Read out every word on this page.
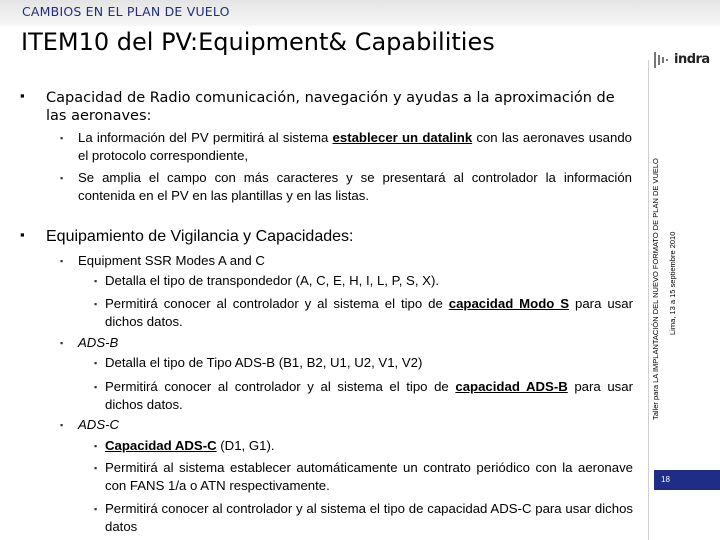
CAMBIOS EN EL PLAN DE VUELO
ITEM10 del PV:Equipment& Capabilities
indra
Taller para LA IMPLANTACIÓN DEL NUEVO FORMATO DE PLAN DE VUELO Lima, 13 a 15 septiembre 2010
18
▪ Capacidad de Radio comunicación, navegación y ayudas a la aproximación de las aeronaves:
▪ La información del PV permitirá al sistema establecer un datalink con las aeronaves usando el protocolo correspondiente,
▪ Se amplia el campo con más caracteres y se presentará al controlador la información contenida en el PV en las plantillas y en las listas.
▪ Equipamiento de Vigilancia y Capacidades:
▪ Equipment SSR Modes A and C
▪ Detalla el tipo de transpondedor (A, C, E, H, I, L, P, S, X).
▪ Permitirá conocer al controlador y al sistema el tipo de capacidad Modo S para usar dichos datos.
▪ ADS-B
▪ Detalla el tipo de Tipo ADS-B (B1, B2, U1, U2, V1, V2)
▪ Permitirá conocer al controlador y al sistema el tipo de capacidad ADS-B para usar dichos datos.
▪ ADS-C
▪ Capacidad ADS-C (D1, G1).
▪ Permitirá al sistema establecer automáticamente un contrato periódico con la aeronave con FANS 1/a o ATN respectivamente.
▪ Permitirá conocer al controlador y al sistema el tipo de capacidad ADS-C para usar dichos datos
